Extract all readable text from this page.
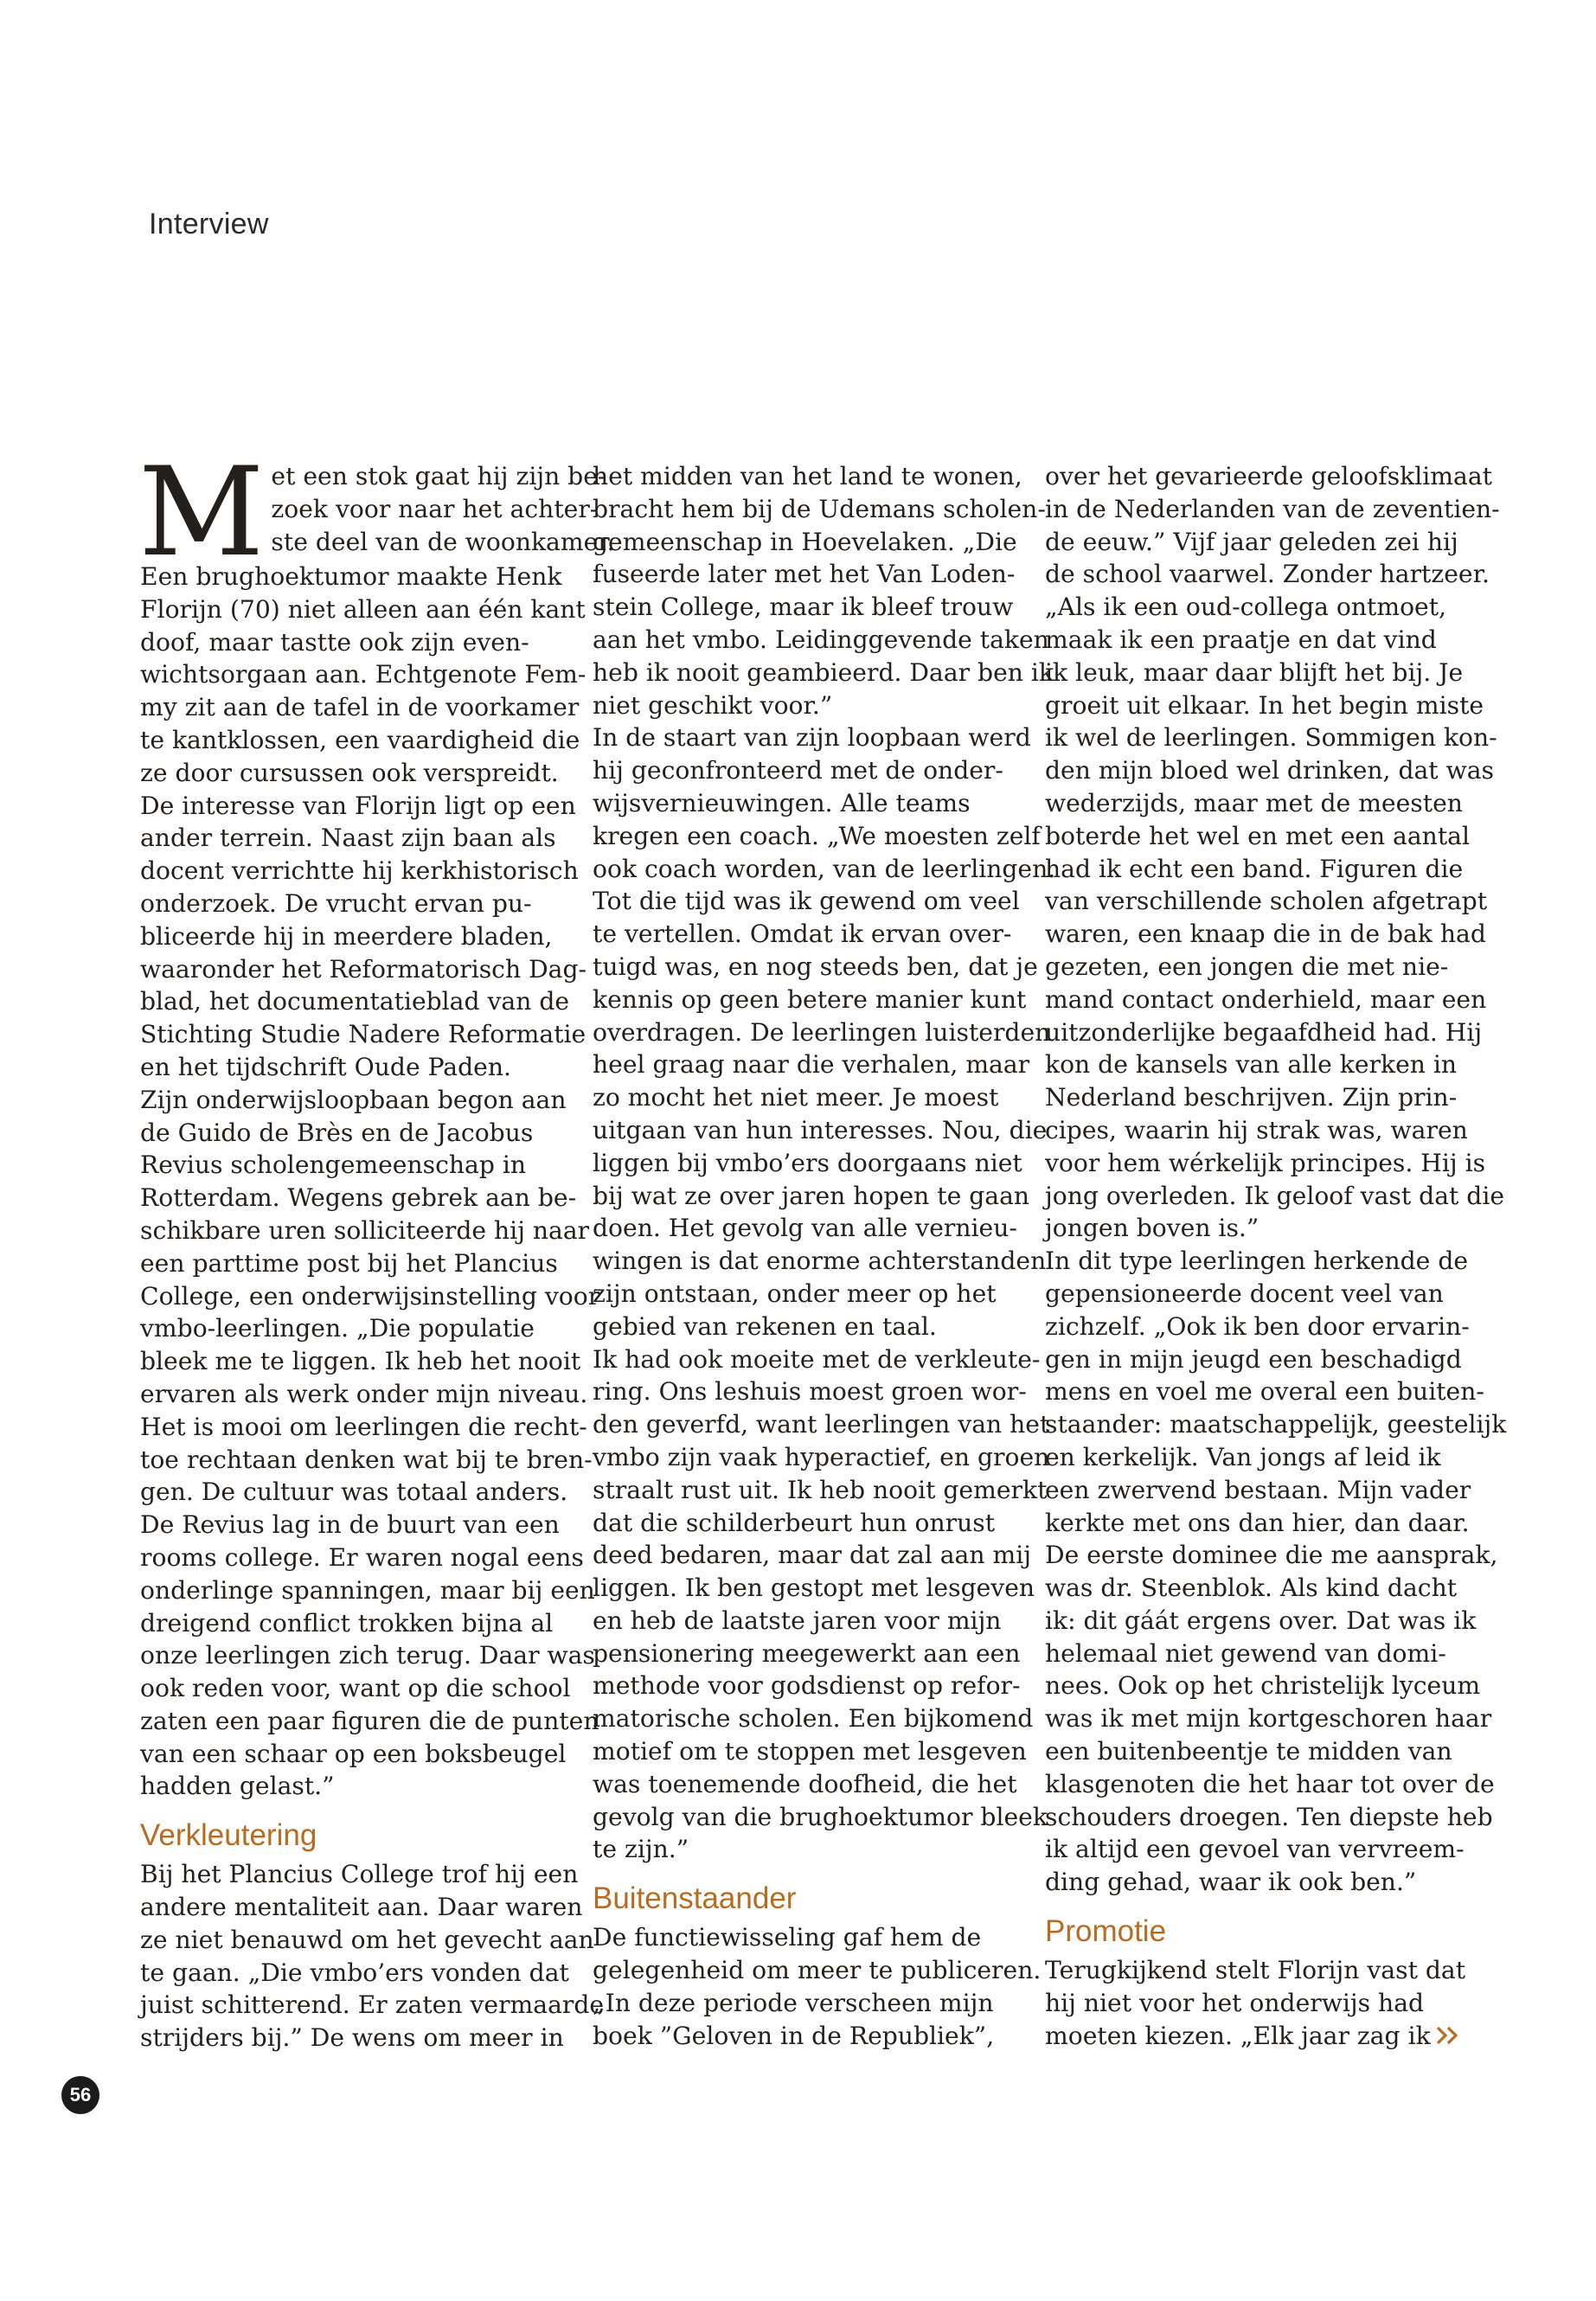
Interview
M et een stok gaat hij zijn be-
zoek voor naar het achter-
ste deel van de woonkamer.
Een brughoektumor maakte Henk
Florijn (70) niet alleen aan één kant
doof, maar tastte ook zijn even-
wichtsorgaan aan. Echtgenote Fem-
my zit aan de tafel in de voorkamer
te kantklossen, een vaardigheid die
ze door cursussen ook verspreidt.
De interesse van Florijn ligt op een
ander terrein. Naast zijn baan als
docent verrichtte hij kerkhistorisch
onderzoek. De vrucht ervan pu-
bliceerde hij in meerdere bladen,
waaronder het Reformatorisch Dag-
blad, het documentatieblad van de
Stichting Studie Nadere Reformatie
en het tijdschrift Oude Paden.
Zijn onderwijsloopbaan begon aan
de Guido de Brès en de Jacobus
Revius scholengemeenschap in
Rotterdam. Wegens gebrek aan be-
schikbare uren solliciteerde hij naar
een parttime post bij het Plancius
College, een onderwijsinstelling voor
vmbo-leerlingen. „Die populatie
bleek me te liggen. Ik heb het nooit
ervaren als werk onder mijn niveau.
Het is mooi om leerlingen die recht-
toe rechtaan denken wat bij te bren-
gen. De cultuur was totaal anders.
De Revius lag in de buurt van een
rooms college. Er waren nogal eens
onderlinge spanningen, maar bij een
dreigend conflict trokken bijna al
onze leerlingen zich terug. Daar was
ook reden voor, want op die school
zaten een paar figuren die de punten
van een schaar op een boksbeugel
hadden gelast.”
Verkleutering
Bij het Plancius College trof hij een
andere mentaliteit aan. Daar waren
ze niet benauwd om het gevecht aan
te gaan. „Die vmbo’ers vonden dat
juist schitterend. Er zaten vermaarde
strijders bij.” De wens om meer in
het midden van het land te wonen,
bracht hem bij de Udemans scholen-
gemeenschap in Hoevelaken. „Die
fuseerde later met het Van Loden-
stein College, maar ik bleef trouw
aan het vmbo. Leidinggevende taken
heb ik nooit geambieerd. Daar ben ik
niet geschikt voor.”
In de staart van zijn loopbaan werd
hij geconfronteerd met de onder-
wijsvernieuwingen. Alle teams
kregen een coach. „We moesten zelf
ook coach worden, van de leerlingen.
Tot die tijd was ik gewend om veel
te vertellen. Omdat ik ervan over-
tuigd was, en nog steeds ben, dat je
kennis op geen betere manier kunt
overdragen. De leerlingen luisterden
heel graag naar die verhalen, maar
zo mocht het niet meer. Je moest
uitgaan van hun interesses. Nou, die
liggen bij vmbo’ers doorgaans niet
bij wat ze over jaren hopen te gaan
doen. Het gevolg van alle vernieu-
wingen is dat enorme achterstanden
zijn ontstaan, onder meer op het
gebied van rekenen en taal.
Ik had ook moeite met de verkleute-
ring. Ons leshuis moest groen wor-
den geverfd, want leerlingen van het
vmbo zijn vaak hyperactief, en groen
straalt rust uit. Ik heb nooit gemerkt
dat die schilderbeurt hun onrust
deed bedaren, maar dat zal aan mij
liggen. Ik ben gestopt met lesgeven
en heb de laatste jaren voor mijn
pensionering meegewerkt aan een
methode voor godsdienst op refor-
matorische scholen. Een bijkomend
motief om te stoppen met lesgeven
was toenemende doofheid, die het
gevolg van die brughoektumor bleek
te zijn.”
Buitenstaander
De functiewisseling gaf hem de
gelegenheid om meer te publiceren.
„In deze periode verscheen mijn
boek ”Geloven in de Republiek”,
over het gevarieerde geloofsklimaat
in de Nederlanden van de zeventien-
de eeuw.” Vijf jaar geleden zei hij
de school vaarwel. Zonder hartzeer.
„Als ik een oud-collega ontmoet,
maak ik een praatje en dat vind
ik leuk, maar daar blijft het bij. Je
groeit uit elkaar. In het begin miste
ik wel de leerlingen. Sommigen kon-
den mijn bloed wel drinken, dat was
wederzijds, maar met de meesten
boterde het wel en met een aantal
had ik echt een band. Figuren die
van verschillende scholen afgetrapt
waren, een knaap die in de bak had
gezeten, een jongen die met nie-
mand contact onderhield, maar een
uitzonderlijke begaafdheid had. Hij
kon de kansels van alle kerken in
Nederland beschrijven. Zijn prin-
cipes, waarin hij strak was, waren
voor hem wérkelijk principes. Hij is
jong overleden. Ik geloof vast dat die
jongen boven is.”
In dit type leerlingen herkende de
gepensioneerde docent veel van
zichzelf. „Ook ik ben door ervarin-
gen in mijn jeugd een beschadigd
mens en voel me overal een buiten-
staander: maatschappelijk, geestelijk
en kerkelijk. Van jongs af leid ik
een zwervend bestaan. Mijn vader
kerkte met ons dan hier, dan daar.
De eerste dominee die me aansprak,
was dr. Steenblok. Als kind dacht
ik: dit gáát ergens over. Dat was ik
helemaal niet gewend van domi-
nees. Ook op het christelijk lyceum
was ik met mijn kortgeschoren haar
een buitenbeentje te midden van
klasgenoten die het haar tot over de
schouders droegen. Ten diepste heb
ik altijd een gevoel van vervreem-
ding gehad, waar ik ook ben.”
Promotie
Terugkijkend stelt Florijn vast dat
hij niet voor het onderwijs had
moeten kiezen. „Elk jaar zag ik
56
